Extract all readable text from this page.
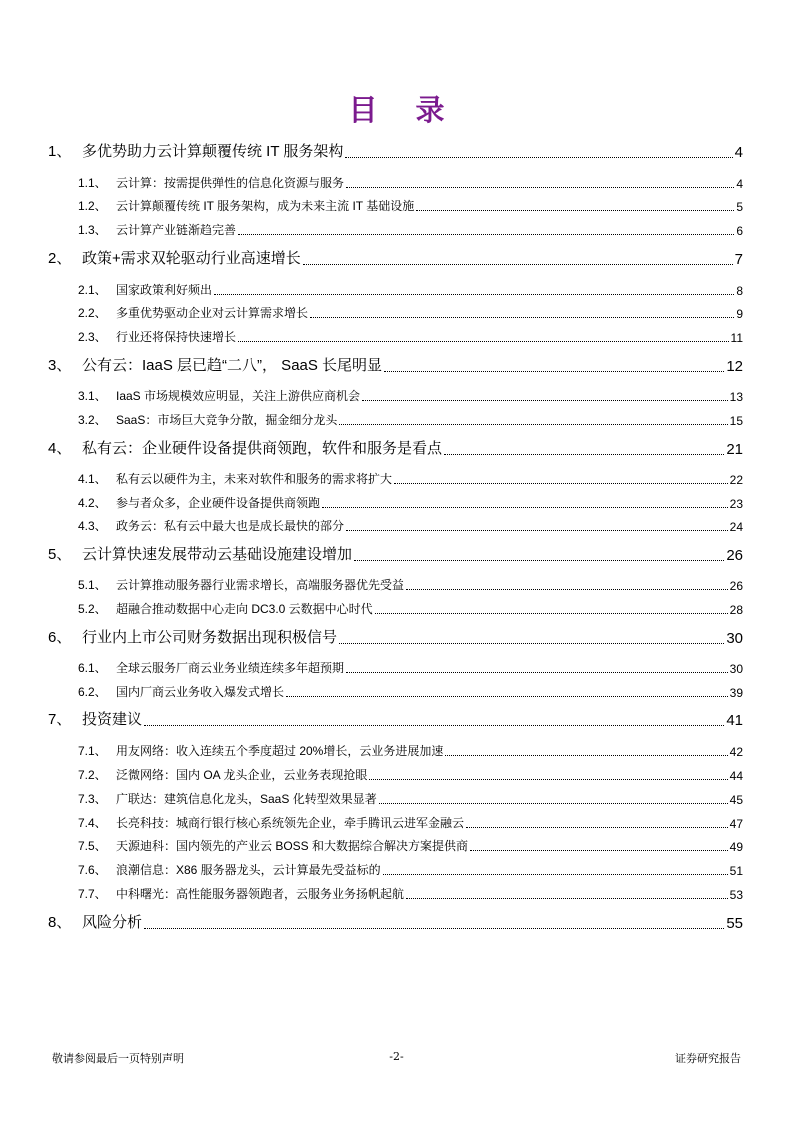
目 录
1、 多优势助力云计算颠覆传统 IT 服务架构	4
1.1、 云计算：按需提供弹性的信息化资源与服务	4
1.2、 云计算颠覆传统 IT 服务架构，成为未来主流 IT 基础设施	5
1.3、 云计算产业链渐趋完善	6
2、 政策+需求双轮驱动行业高速增长	7
2.1、 国家政策利好频出	8
2.2、 多重优势驱动企业对云计算需求增长	9
2.3、 行业还将保持快速增长	11
3、 公有云：IaaS 层已趋“二八”， SaaS 长尾明显	12
3.1、 IaaS 市场规模效应明显，关注上游供应商机会	13
3.2、 SaaS：市场巨大竞争分散，掘金细分龙头	15
4、 私有云：企业硬件设备提供商领跑，软件和服务是看点	21
4.1、 私有云以硬件为主，未来对软件和服务的需求将扩大	22
4.2、 参与者众多，企业硬件设备提供商领跑	23
4.3、 政务云：私有云中最大也是成长最快的部分	24
5、 云计算快速发展带动云基础设施建设增加	26
5.1、 云计算推动服务器行业需求增长，高端服务器优先受益	26
5.2、 超融合推动数据中心走向 DC3.0 云数据中心时代	28
6、 行业内上市公司财务数据出现积极信号	30
6.1、 全球云服务厂商云业务业绩连续多年超预期	30
6.2、 国内厂商云业务收入爆发式增长	39
7、 投资建议	41
7.1、 用友网络：收入连续五个季度超过 20%增长，云业务进展加速	42
7.2、 泛微网络：国内 OA 龙头企业，云业务表现抢眼	44
7.3、 广联达：建筑信息化龙头，SaaS 化转型效果显著	45
7.4、 长亮科技：城商行银行核心系统领先企业，牵手腾讯云进军金融云	47
7.5、 天源迪科：国内领先的产业云 BOSS 和大数据综合解决方案提供商	49
7.6、 浪潮信息：X86 服务器龙头，云计算最先受益标的	51
7.7、 中科曙光：高性能服务器领跑者，云服务业务扬帆起航	53
8、 风险分析	55
敬请参阅最后一页特别声明	-2-	证券研究报告
